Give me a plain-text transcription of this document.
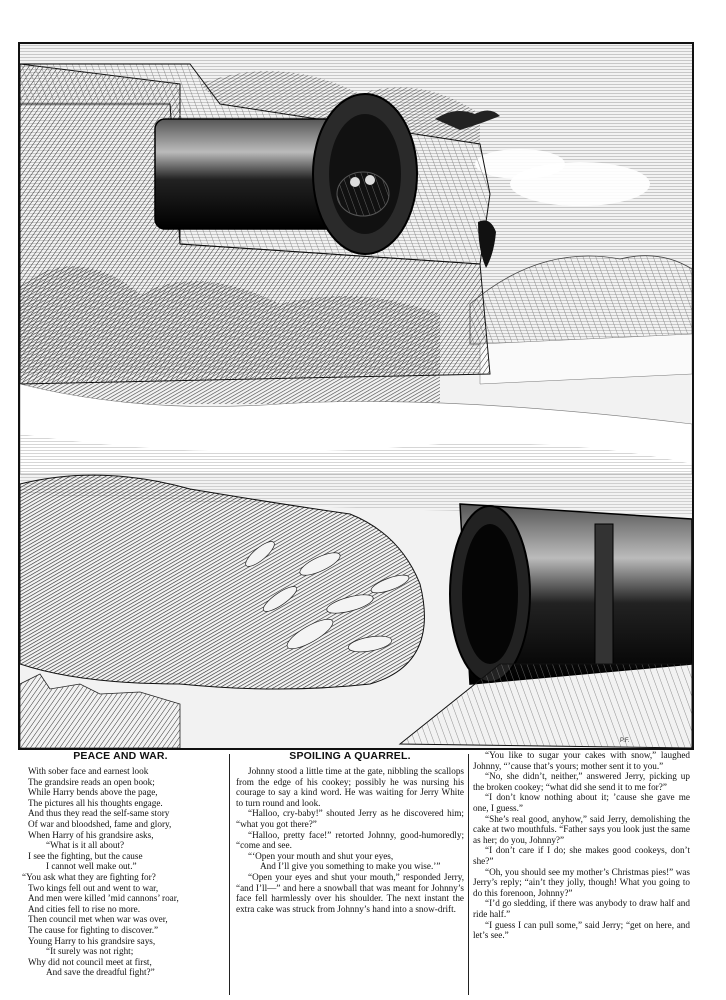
P.F.
PEACE AND WAR.
With sober face and earnest look
The grandsire reads an open book;
While Harry bends above the page,
The pictures all his thoughts engage.
And thus they read the self-same story
Of war and bloodshed, fame and glory,
When Harry of his grandsire asks,
“What is it all about?
I see the fighting, but the cause
I cannot well make out.”
“You ask what they are fighting for?
Two kings fell out and went to war,
And men were killed ’mid cannons’ roar,
And cities fell to rise no more.
Then council met when war was over,
The cause for fighting to discover.”
Young Harry to his grandsire says,
“It surely was not right;
Why did not council meet at first,
And save the dreadful fight?”
SPOILING A QUARREL.

Johnny stood a little time at the gate, nibbling the scallops from the edge of his cookey; possibly he was nursing his courage to say a kind word. He was waiting for Jerry White to turn round and look.

“Halloo, cry-baby!” shouted Jerry as he discovered him; “what you got there?”

“Halloo, pretty face!” retorted Johnny, good-humoredly; “come and see.

“‘Open your mouth and shut your eyes,

And I’ll give you something to make you wise.’”

“Open your eyes and shut your mouth,” responded Jerry, “and I’ll—” and here a snowball that was meant for Johnny’s face fell harmlessly over his shoulder. The next instant the extra cake was struck from Johnny’s hand into a snow-drift.

“You like to sugar your cakes with snow,” laughed Johnny, “’cause that’s yours; mother sent it to you.”

“No, she didn’t, neither,” answered Jerry, picking up the broken cookey; “what did she send it to me for?”

“I don’t know nothing about it; ’cause she gave me one, I guess.”

“She’s real good, anyhow,” said Jerry, demolishing the cake at two mouthfuls. “Father says you look just the same as her; do you, Johnny?”

“I don’t care if I do; she makes good cookeys, don’t she?”

“Oh, you should see my mother’s Christmas pies!” was Jerry’s reply; “ain’t they jolly, though! What you going to do this forenoon, Johnny?”

“I’d go sledding, if there was anybody to draw half and ride half.”

“I guess I can pull some,” said Jerry; “get on here, and let’s see.”
